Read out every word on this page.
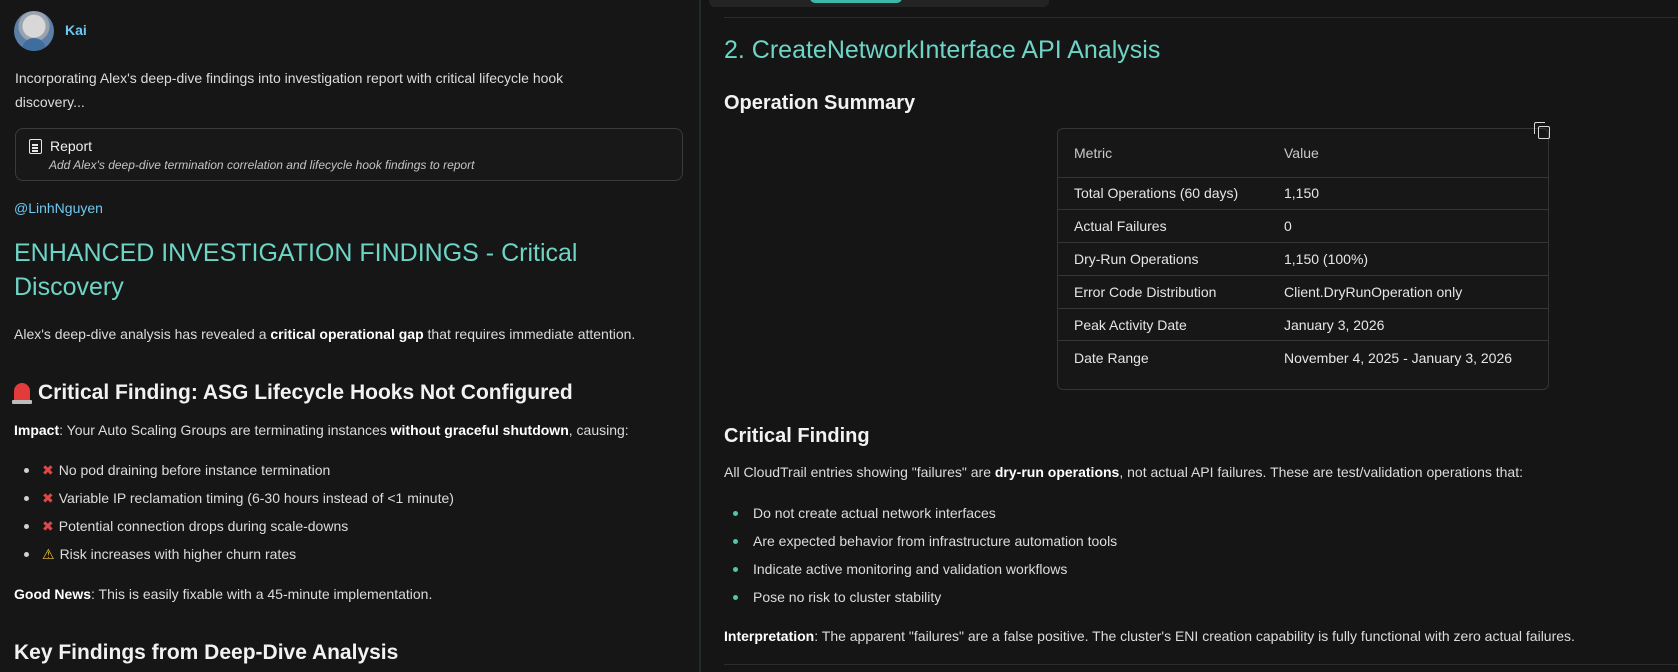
Kai
Incorporating Alex's deep-dive findings into investigation report with critical lifecycle hook discovery...
Report
Add Alex's deep-dive termination correlation and lifecycle hook findings to report
@LinhNguyen
ENHANCED INVESTIGATION FINDINGS - Critical Discovery

Alex's deep-dive analysis has revealed a critical operational gap that requires immediate attention.

Critical Finding: ASG Lifecycle Hooks Not Configured

Impact: Your Auto Scaling Groups are terminating instances without graceful shutdown, causing:

✖ No pod draining before instance termination
✖ Variable IP reclamation timing (6-30 hours instead of <1 minute)
✖ Potential connection drops during scale-downs
⚠ Risk increases with higher churn rates

Good News: This is easily fixable with a 45-minute implementation.

Key Findings from Deep-Dive Analysis
2. CreateNetworkInterface API Analysis
Operation Summary
Metric	Value
Total Operations (60 days)	1,150
Actual Failures	0
Dry-Run Operations	1,150 (100%)
Error Code Distribution	Client.DryRunOperation only
Peak Activity Date	January 3, 2026
Date Range	November 4, 2025 - January 3, 2026
Critical Finding

All CloudTrail entries showing "failures" are dry-run operations, not actual API failures. These are test/validation operations that:

Do not create actual network interfaces
Are expected behavior from infrastructure automation tools
Indicate active monitoring and validation workflows
Pose no risk to cluster stability

Interpretation: The apparent "failures" are a false positive. The cluster's ENI creation capability is fully functional with zero actual failures.
